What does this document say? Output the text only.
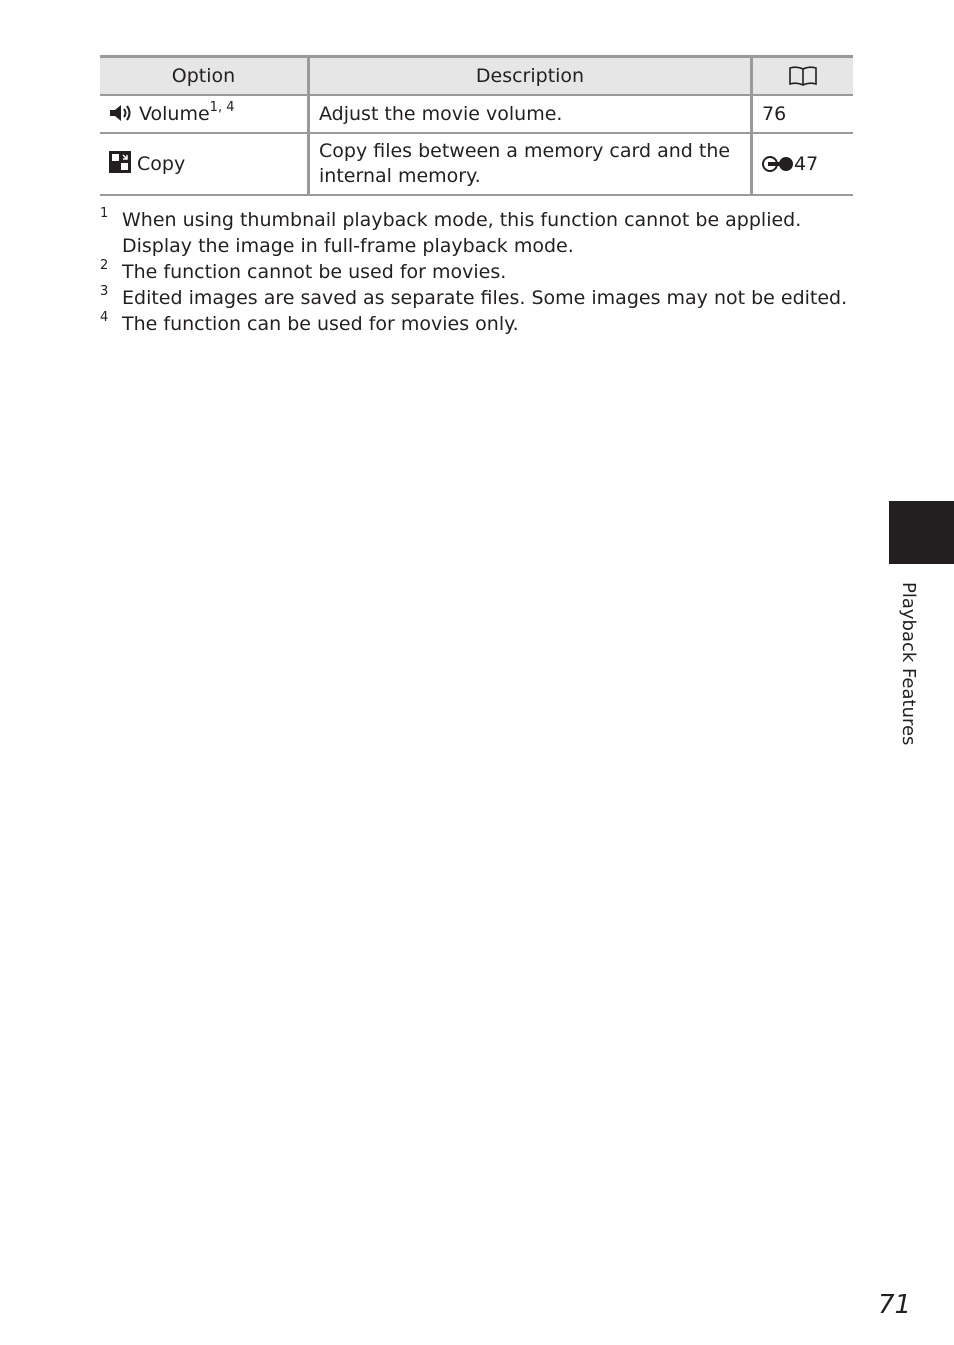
Option	Description	
Volume$^{1, 4}$	Adjust the movie volume.	76
Copy	Copy files between a memory card and the internal memory.	47
1 When using thumbnail playback mode, this function cannot be applied. Display the image in full-frame playback mode.
2 The function cannot be used for movies.
3 Edited images are saved as separate files. Some images may not be edited.
4 The function can be used for movies only.
Playback Features
71
